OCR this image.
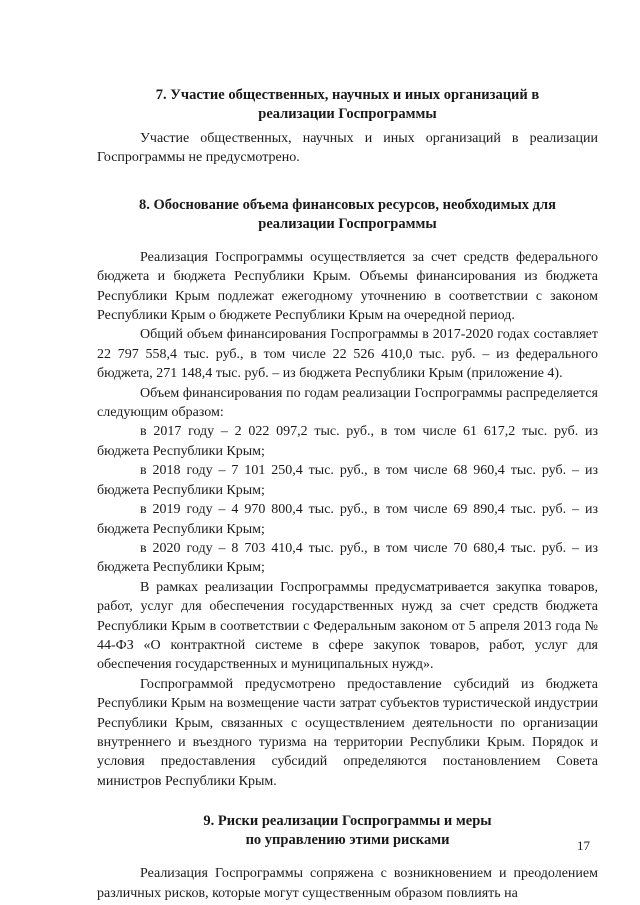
7. Участие общественных, научных и иных организаций в

реализации Госпрограммы

Участие общественных, научных и иных организаций в реализации Госпрограммы не предусмотрено.

8. Обоснование объема финансовых ресурсов, необходимых для

реализации Госпрограммы

Реализация Госпрограммы осуществляется за счет средств федерального бюджета и бюджета Республики Крым. Объемы финансирования из бюджета Республики Крым подлежат ежегодному уточнению в соответствии с законом Республики Крым о бюджете Республики Крым на очередной период.

Общий объем финансирования Госпрограммы в 2017-2020 годах составляет 22 797 558,4 тыс. руб., в том числе 22 526 410,0 тыс. руб. – из федерального бюджета, 271 148,4 тыс. руб. – из бюджета Республики Крым (приложение 4).

Объем финансирования по годам реализации Госпрограммы распределяется следующим образом:

в 2017 году – 2 022 097,2 тыс. руб., в том числе 61 617,2 тыс. руб. из бюджета Республики Крым;

в 2018 году – 7 101 250,4 тыс. руб., в том числе 68 960,4 тыс. руб. – из бюджета Республики Крым;

в 2019 году – 4 970 800,4 тыс. руб., в том числе 69 890,4 тыс. руб. – из бюджета Республики Крым;

в 2020 году – 8 703 410,4 тыс. руб., в том числе 70 680,4 тыс. руб. – из бюджета Республики Крым;

В рамках реализации Госпрограммы предусматривается закупка товаров, работ, услуг для обеспечения государственных нужд за счет средств бюджета Республики Крым в соответствии с Федеральным законом от 5 апреля 2013 года № 44-ФЗ «О контрактной системе в сфере закупок товаров, работ, услуг для обеспечения государственных и муниципальных нужд».

Госпрограммой предусмотрено предоставление субсидий из бюджета Республики Крым на возмещение части затрат субъектов туристической индустрии Республики Крым, связанных с осуществлением деятельности по организации внутреннего и въездного туризма на территории Республики Крым. Порядок и условия предоставления субсидий определяются постановлением Совета министров Республики Крым.

9. Риски реализации Госпрограммы и меры

по управлению этими рисками

Реализация Госпрограммы сопряжена с возникновением и преодолением различных рисков, которые могут существенным образом повлиять на

17
